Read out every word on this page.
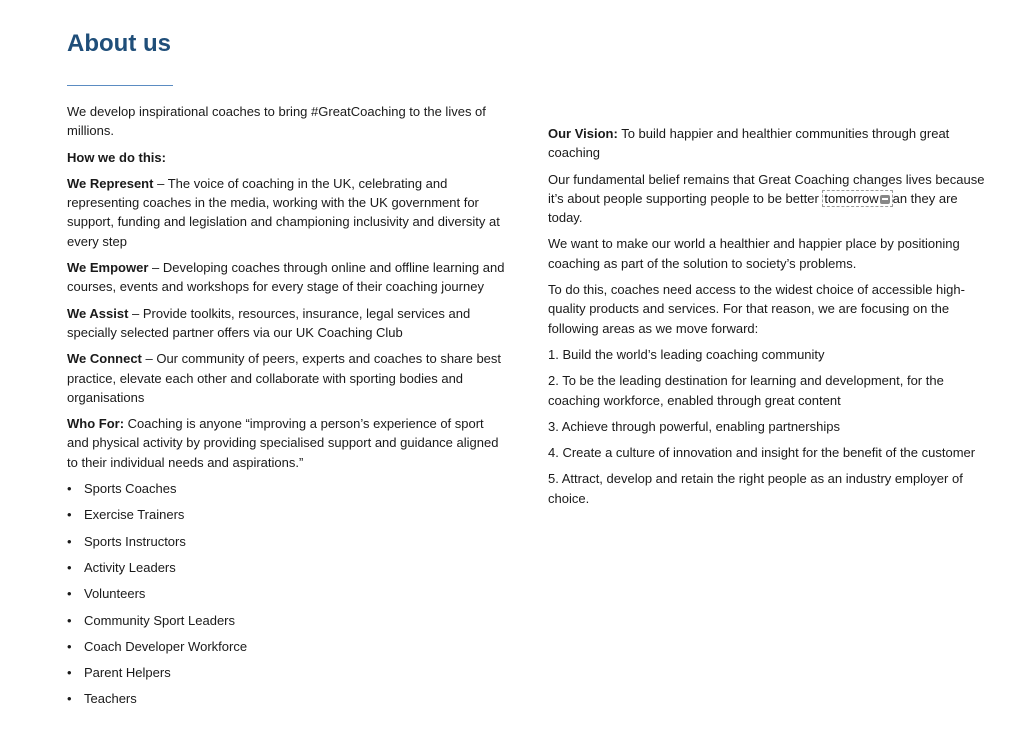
About us

We develop inspirational coaches to bring #GreatCoaching to the lives of millions.

How we do this:

We Represent – The voice of coaching in the UK, celebrating and representing coaches in the media, working with the UK government for support, funding and legislation and championing inclusivity and diversity at every step

We Empower – Developing coaches through online and offline learning and courses, events and workshops for every stage of their coaching journey

We Assist – Provide toolkits, resources, insurance, legal services and specially selected partner offers via our UK Coaching Club

We Connect – Our community of peers, experts and coaches to share best practice, elevate each other and collaborate with sporting bodies and organisations

Who For: Coaching is anyone “improving a person’s experience of sport and physical activity by providing specialised support and guidance aligned to their individual needs and aspirations.”

• Sports Coaches
• Exercise Trainers
• Sports Instructors
• Activity Leaders
• Volunteers
• Community Sport Leaders
• Coach Developer Workforce
• Parent Helpers
• Teachers

Our Vision: To build happier and healthier communities through great coaching

Our fundamental belief remains that Great Coaching changes lives because it’s about people supporting people to be better tomorrow an they are today.

We want to make our world a healthier and happier place by positioning coaching as part of the solution to society’s problems.

To do this, coaches need access to the widest choice of accessible high-quality products and services. For that reason, we are focusing on the following areas as we move forward:

1. Build the world’s leading coaching community
2. To be the leading destination for learning and development, for the coaching workforce, enabled through great content
3. Achieve through powerful, enabling partnerships
4. Create a culture of innovation and insight for the benefit of the customer
5. Attract, develop and retain the right people as an industry employer of choice.
